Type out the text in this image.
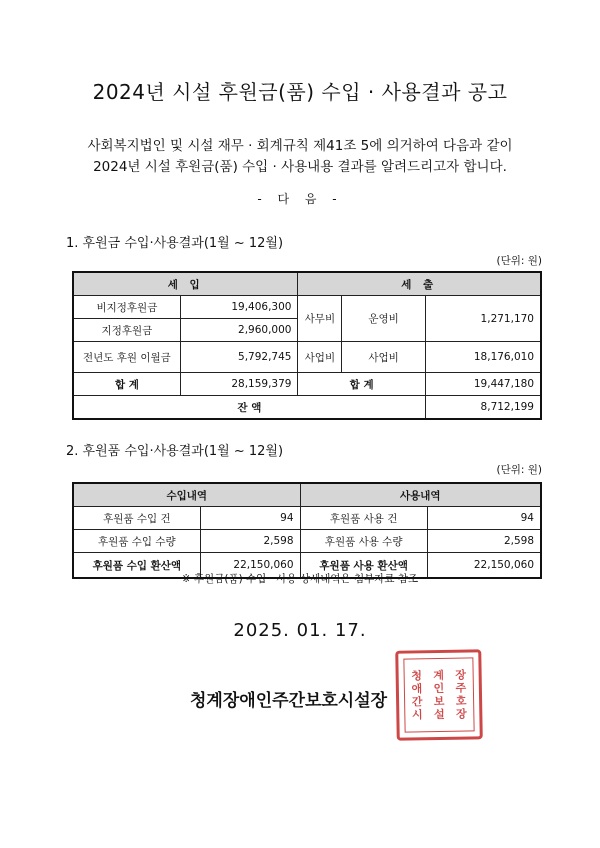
2024년 시설 후원금(품) 수입 · 사용결과 공고
사회복지법인 및 시설 재무 · 회계규칙 제41조 5에 의거하여 다음과 같이
2024년 시설 후원금(품) 수입 · 사용내용 결과를 알려드리고자 합니다.
- 다 음 -
1. 후원금 수입·사용결과(1월 ~ 12월)
(단위: 원)
세 입		세 출		
비지정후원금	19,406,300	사무비	운영비	1,271,170
지정후원금	2,960,000			
전년도 후원 이월금	5,792,745	사업비	사업비	18,176,010
합 계	28,159,379	합 계		19,447,180
잔 액				8,712,199
2. 후원품 수입·사용결과(1월 ~ 12월)
(단위: 원)
수입내역		사용내역	
후원품 수입 건	94	후원품 사용 건	94
후원품 수입 수량	2,598	후원품 사용 수량	2,598
후원품 수입 환산액	22,150,060	후원품 사용 환산액	22,150,060
※ 후원금(품) 수입 · 사용 상세내역은 첨부자료 참조
2025. 01. 17.
청계장애인주간보호시설장
청	계	장
애	인	주
간	보	호
시	설	장
